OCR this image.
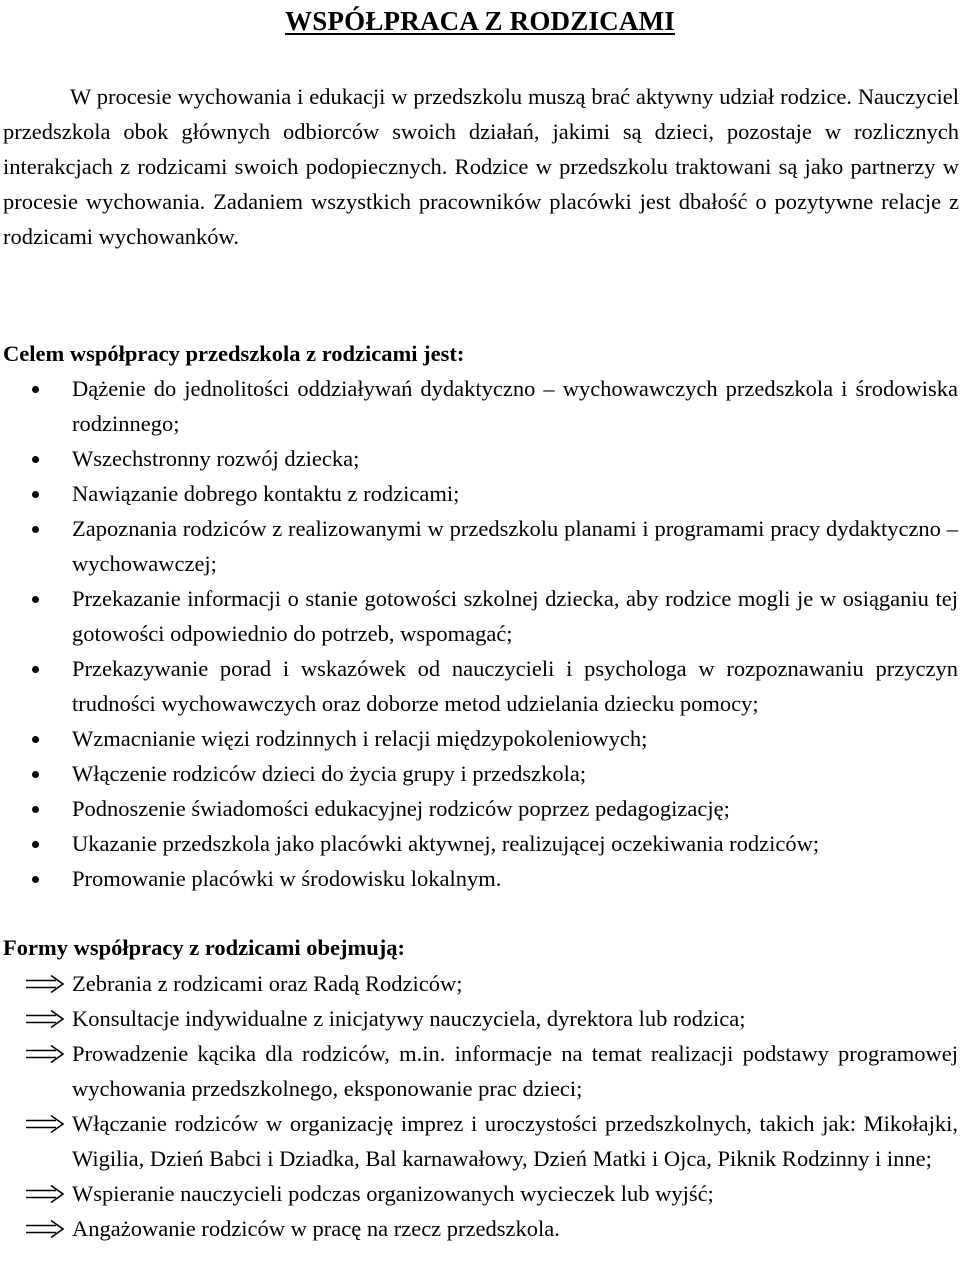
WSPÓŁPRACA Z RODZICAMI

W procesie wychowania i edukacji w przedszkolu muszą brać aktywny udział rodzice. Nauczyciel przedszkola obok głównych odbiorców swoich działań, jakimi są dzieci, pozostaje w rozlicznych interakcjach z rodzicami swoich podopiecznych. Rodzice w przedszkolu traktowani są jako partnerzy w procesie wychowania. Zadaniem wszystkich pracowników placówki jest dbałość o pozytywne relacje z rodzicami wychowanków.

Celem współpracy przedszkola z rodzicami jest:

Dążenie do jednolitości oddziaływań dydaktyczno – wychowawczych przedszkola i środowiska rodzinnego;
Wszechstronny rozwój dziecka;
Nawiązanie dobrego kontaktu z rodzicami;
Zapoznania rodziców z realizowanymi w przedszkolu planami i programami pracy dydaktyczno – wychowawczej;
Przekazanie informacji o stanie gotowości szkolnej dziecka, aby rodzice mogli je w osiąganiu tej gotowości odpowiednio do potrzeb, wspomagać;
Przekazywanie porad i wskazówek od nauczycieli i psychologa w rozpoznawaniu przyczyn trudności wychowawczych oraz doborze metod udzielania dziecku pomocy;
Wzmacnianie więzi rodzinnych i relacji międzypokoleniowych;
Włączenie rodziców dzieci do życia grupy i przedszkola;
Podnoszenie świadomości edukacyjnej rodziców poprzez pedagogizację;
Ukazanie przedszkola jako placówki aktywnej, realizującej oczekiwania rodziców;
Promowanie placówki w środowisku lokalnym.

Formy współpracy z rodzicami obejmują:

Zebrania z rodzicami oraz Radą Rodziców;
Konsultacje indywidualne z inicjatywy nauczyciela, dyrektora lub rodzica;
Prowadzenie kącika dla rodziców, m.in. informacje na temat realizacji podstawy programowej wychowania przedszkolnego, eksponowanie prac dzieci;
Włączanie rodziców w organizację imprez i uroczystości przedszkolnych, takich jak: Mikołajki, Wigilia, Dzień Babci i Dziadka, Bal karnawałowy, Dzień Matki i Ojca, Piknik Rodzinny i inne;
Wspieranie nauczycieli podczas organizowanych wycieczek lub wyjść;
Angażowanie rodziców w pracę na rzecz przedszkola.
